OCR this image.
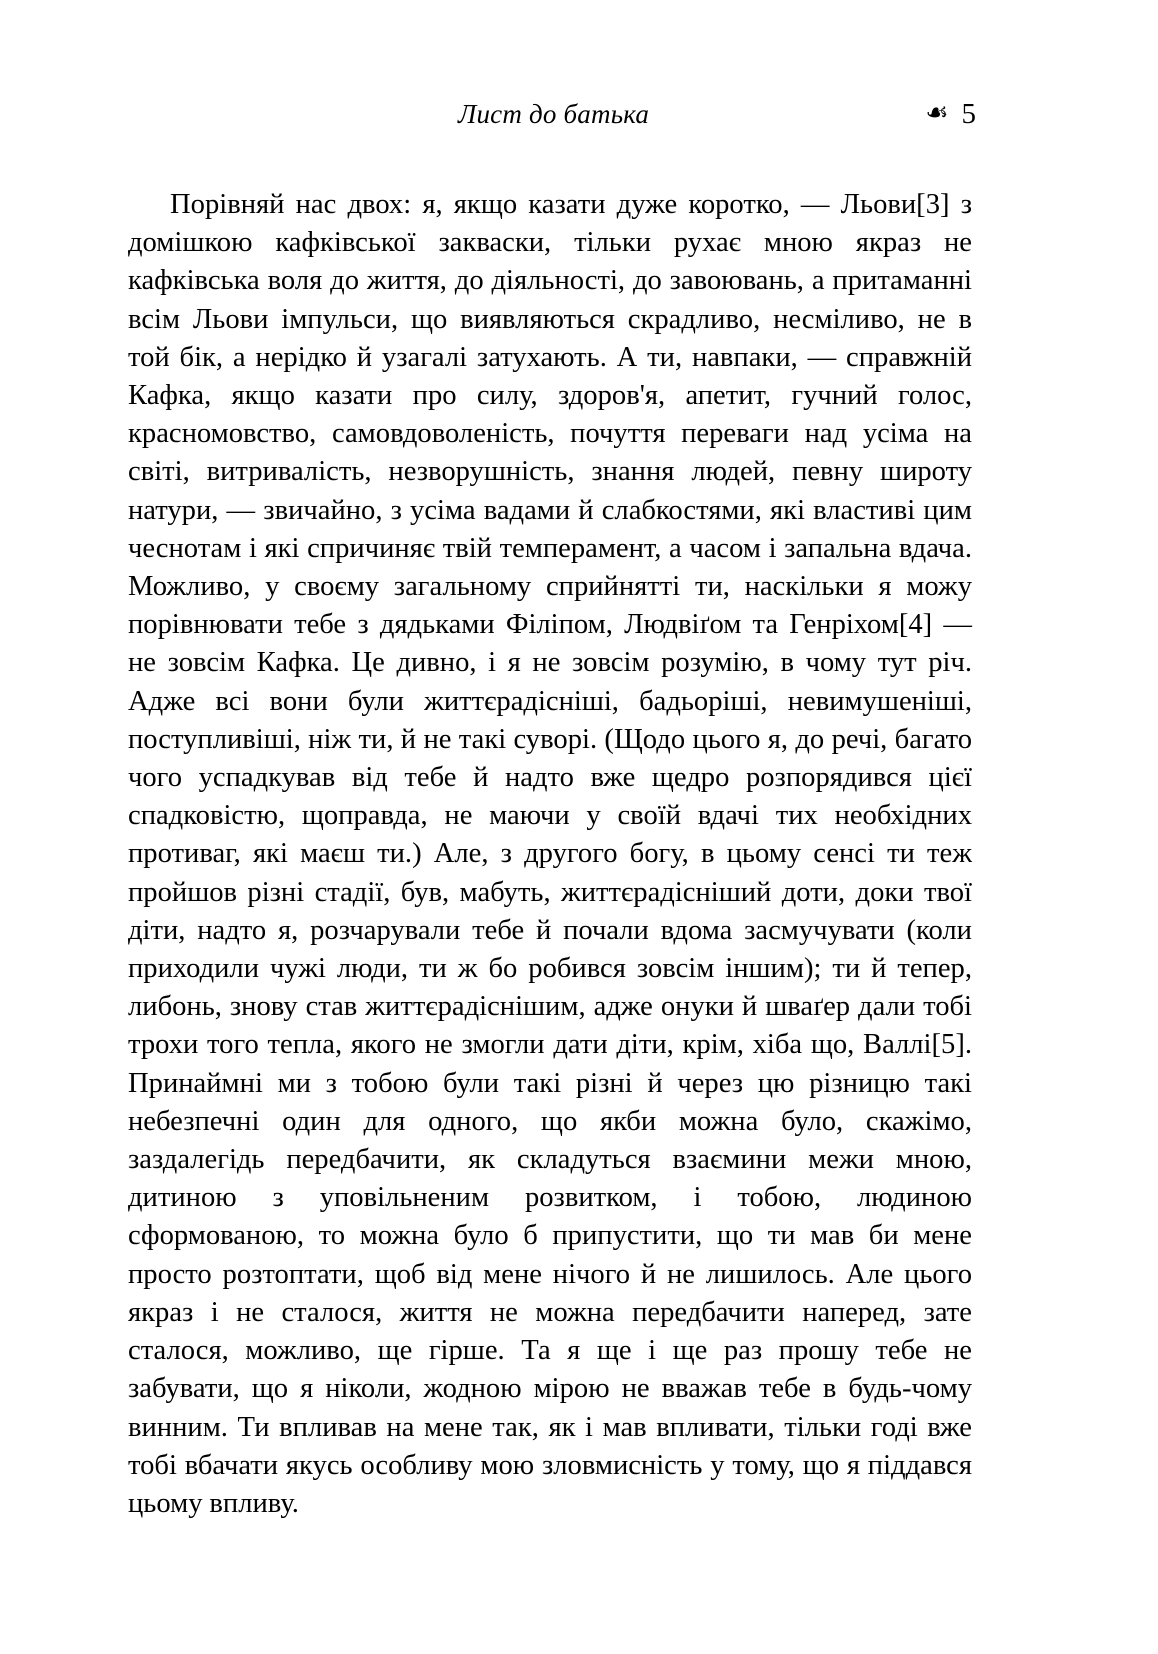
Лист до батька	☙ 5

Порівняй нас двох: я, якщо казати дуже коротко, — Льови[3] з домішкою кафківської закваски, тільки рухає мною якраз не кафківська воля до життя, до діяльності, до завоювань, а притаманні всім Льови імпульси, що виявляються скрадливо, несміливо, не в той бік, а нерідко й узагалі затухають. А ти, навпаки, — справжній Кафка, якщо казати про силу, здоров'я, апетит, гучний голос, красномовство, самовдоволеність, почуття переваги над усіма на світі, витривалість, незворушність, знання людей, певну широту натури, — звичайно, з усіма вадами й слабкостями, які властиві цим чеснотам і які спричиняє твій темперамент, а часом і запальна вдача. Можливо, у своєму загальному сприйнятті ти, наскільки я можу порівнювати тебе з дядьками Філіпом, Людвіґом та Генріхом[4] — не зовсім Кафка. Це дивно, і я не зовсім розумію, в чому тут річ. Адже всі вони були життєрадісніші, бадьоріші, невимушеніші, поступливіші, ніж ти, й не такі суворі. (Щодо цього я, до речі, багато чого успадкував від тебе й надто вже щедро розпорядився цієї спадковістю, щоправда, не маючи у своїй вдачі тих необхідних противаг, які маєш ти.) Але, з другого богу, в цьому сенсі ти теж пройшов різні стадії, був, мабуть, життєрадісніший доти, доки твої діти, надто я, розчарували тебе й почали вдома засмучувати (коли приходили чужі люди, ти ж бо робився зовсім іншим); ти й тепер, либонь, знову став життєрадіснішим, адже онуки й шваґер дали тобі трохи того тепла, якого не змогли дати діти, крім, хіба що, Валлі[5]. Принаймні ми з тобою були такі різні й через цю різницю такі небезпечні один для одного, що якби можна було, скажімо, заздалегідь передбачити, як складуться взаємини межи мною, дитиною з уповільненим розвитком, і тобою, людиною сформованою, то можна було б припустити, що ти мав би мене просто розтоптати, щоб від мене нічого й не лишилось. Але цього якраз і не сталося, життя не можна передбачити наперед, зате сталося, можливо, ще гірше. Та я ще і ще раз прошу тебе не забувати, що я ніколи, жодною мірою не вважав тебе в будь-чому винним. Ти впливав на мене так, як і мав впливати, тільки годі вже тобі вбачати якусь особливу мою зловмисність у тому, що я піддався цьому впливу.
